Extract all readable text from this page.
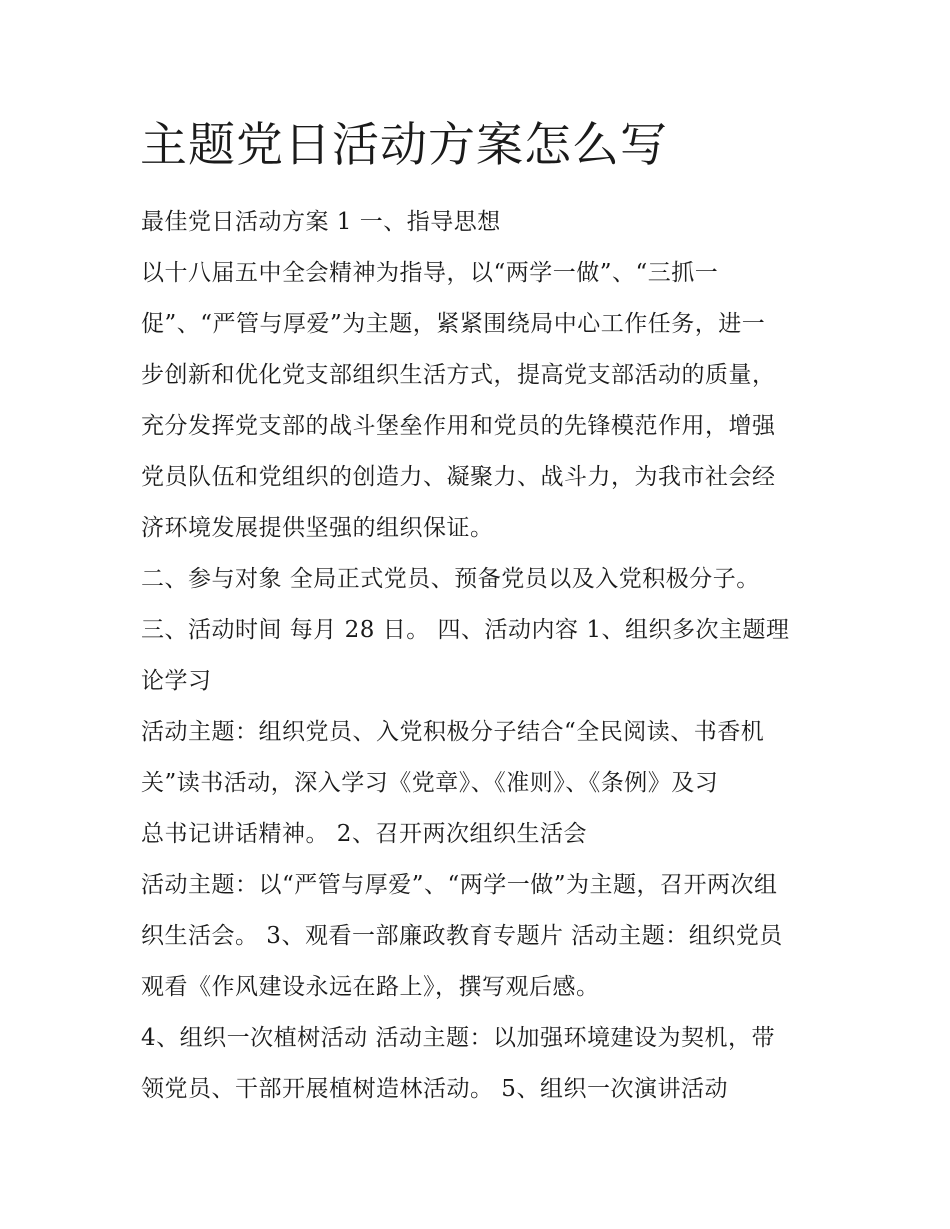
主题党日活动方案怎么写

最佳党日活动方案 1 一、指导思想

以十八届五中全会精神为指导，以“两学一做”、“三抓一

促”、“严管与厚爱”为主题，紧紧围绕局中心工作任务，进一

步创新和优化党支部组织生活方式，提高党支部活动的质量，

充分发挥党支部的战斗堡垒作用和党员的先锋模范作用，增强

党员队伍和党组织的创造力、凝聚力、战斗力，为我市社会经

济环境发展提供坚强的组织保证。

二、参与对象 全局正式党员、预备党员以及入党积极分子。

三、活动时间 每月 28 日。 四、活动内容 1、组织多次主题理

论学习

活动主题：组织党员、入党积极分子结合“全民阅读、书香机

关”读书活动，深入学习《党章》、《准则》、《条例》及习

总书记讲话精神。 2、召开两次组织生活会

活动主题：以“严管与厚爱”、“两学一做”为主题，召开两次组

织生活会。 3、观看一部廉政教育专题片 活动主题：组织党员

观看《作风建设永远在路上》，撰写观后感。

4、组织一次植树活动 活动主题：以加强环境建设为契机，带

领党员、干部开展植树造林活动。 5、组织一次演讲活动
